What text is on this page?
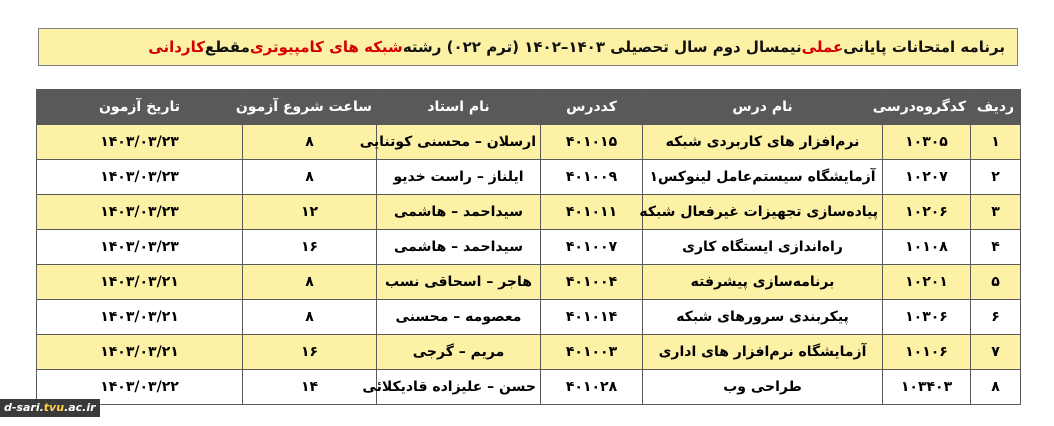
برنامه امتحانات پایانی
عملی
نیمسال دوم سال تحصیلی ۱۴۰۳–۱۴۰۲ (ترم ۰۲۲) رشته
شبکه های کامپیوتری
مقطع
کاردانی
ردیف	کدگروه‌درسی	نام درس	کددرس	نام استاد	ساعت شروع آزمون	تاریخ آزمون
۱	۱۰۳۰۵	نرم‌افزار های کاربردی شبکه	۴۰۱۰۱۵	ارسلان – محسنی کوتنایی	۸	۱۴۰۳/۰۳/۲۳
۲	۱۰۲۰۷	آزمایشگاه سیستم‌عامل لینوکس۱	۴۰۱۰۰۹	ایلناز – راست خدیو	۸	۱۴۰۳/۰۳/۲۳
۳	۱۰۲۰۶	پیاده‌سازی تجهیزات غیرفعال شبکه	۴۰۱۰۱۱	سیداحمد – هاشمی	۱۲	۱۴۰۳/۰۳/۲۳
۴	۱۰۱۰۸	راه‌اندازی ایستگاه کاری	۴۰۱۰۰۷	سیداحمد – هاشمی	۱۶	۱۴۰۳/۰۳/۲۳
۵	۱۰۲۰۱	برنامه‌سازی پیشرفته	۴۰۱۰۰۴	هاجر – اسحاقی نسب	۸	۱۴۰۳/۰۳/۲۱
۶	۱۰۳۰۶	پیکربندی سرورهای شبکه	۴۰۱۰۱۴	معصومه – محسنی	۸	۱۴۰۳/۰۳/۲۱
۷	۱۰۱۰۶	آزمایشگاه نرم‌افزار های اداری	۴۰۱۰۰۳	مریم – گرجی	۱۶	۱۴۰۳/۰۳/۲۱
۸	۱۰۳۴۰۳	طراحی وب	۴۰۱۰۲۸	حسن – علیزاده قادیکلائی	۱۴	۱۴۰۳/۰۳/۲۲
d-sari.tvu.ac.ir
